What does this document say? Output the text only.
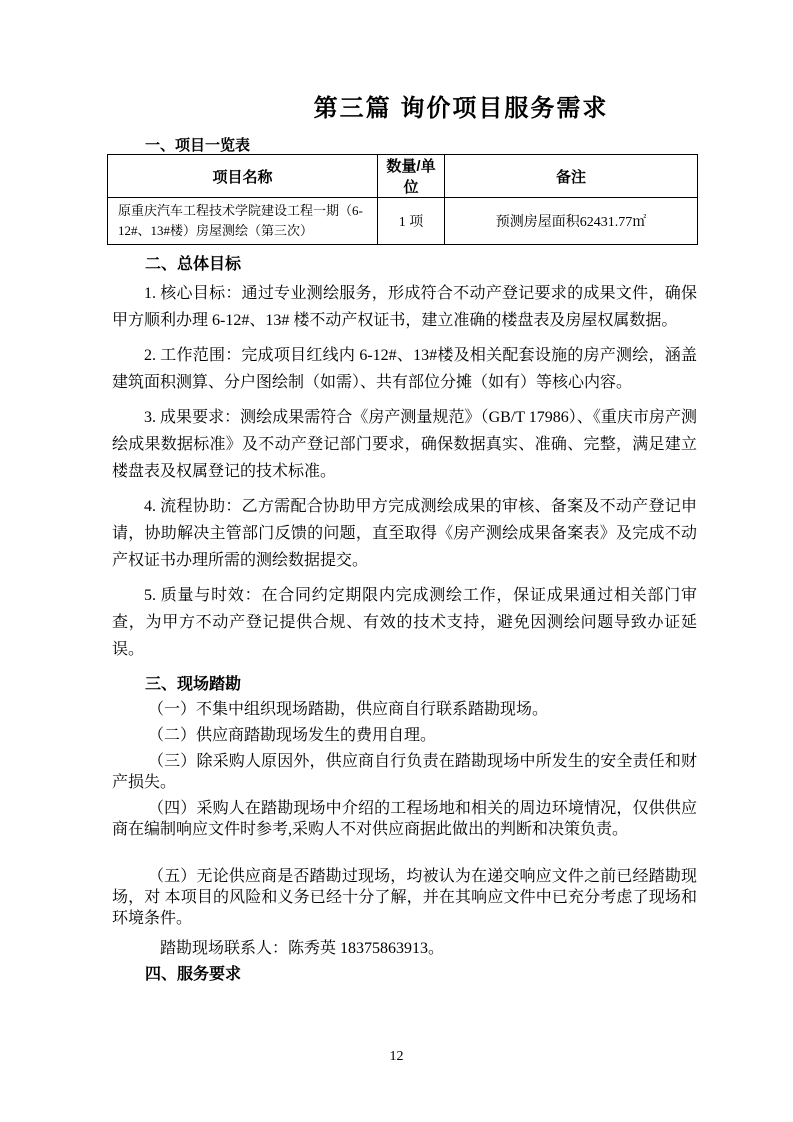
第三篇 询价项目服务需求
一、项目一览表
项目名称	数量/单位	备注
原重庆汽车工程技术学院建设工程一期（6-12#、13#楼）房屋测绘（第三次）	1 项	预测房屋面积62431.77㎡
二、总体目标

1. 核心目标：通过专业测绘服务，形成符合不动产登记要求的成果文件，确保甲方顺利办理 6-12#、13# 楼不动产权证书，建立准确的楼盘表及房屋权属数据。

2. 工作范围：完成项目红线内 6-12#、13#楼及相关配套设施的房产测绘，涵盖建筑面积测算、分户图绘制（如需）、共有部位分摊（如有）等核心内容。

3. 成果要求：测绘成果需符合《房产测量规范》（GB/T 17986）、《重庆市房产测绘成果数据标准》及不动产登记部门要求，确保数据真实、准确、完整，满足建立楼盘表及权属登记的技术标准。

4. 流程协助：乙方需配合协助甲方完成测绘成果的审核、备案及不动产登记申请，协助解决主管部门反馈的问题，直至取得《房产测绘成果备案表》及完成不动产权证书办理所需的测绘数据提交。

5. 质量与时效：在合同约定期限内完成测绘工作，保证成果通过相关部门审查，为甲方不动产登记提供合规、有效的技术支持，避免因测绘问题导致办证延误。

三、现场踏勘

（一）不集中组织现场踏勘，供应商自行联系踏勘现场。

（二）供应商踏勘现场发生的费用自理。

（三）除采购人原因外，供应商自行负责在踏勘现场中所发生的安全责任和财产损失。

（四）采购人在踏勘现场中介绍的工程场地和相关的周边环境情况，仅供供应商在编制响应文件时参考,采购人不对供应商据此做出的判断和决策负责。

（五）无论供应商是否踏勘过现场，均被认为在递交响应文件之前已经踏勘现场，对 本项目的风险和义务已经十分了解，并在其响应文件中已充分考虑了现场和环境条件。

踏勘现场联系人：陈秀英 18375863913。

四、服务要求
12
